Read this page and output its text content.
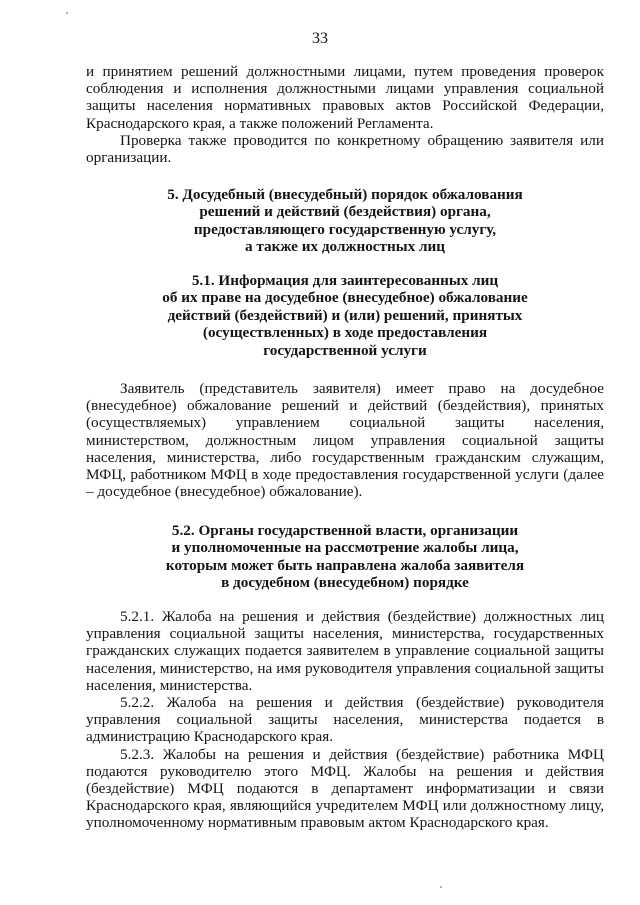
33

и принятием решений должностными лицами, путем проведения проверок соблюдения и исполнения должностными лицами управления социальной защиты населения нормативных правовых актов Российской Федерации, Краснодарского края, а также положений Регламента.

Проверка также проводится по конкретному обращению заявителя или организации.

5. Досудебный (внесудебный) порядок обжалования
решений и действий (бездействия) органа,
предоставляющего государственную услугу,
а также их должностных лиц
5.1. Информация для заинтересованных лиц
об их праве на досудебное (внесудебное) обжалование
действий (бездействий) и (или) решений, принятых
(осуществленных) в ходе предоставления
государственной услуги

Заявитель (представитель заявителя) имеет право на досудебное (внесудебное) обжалование решений и действий (бездействия), принятых (осуществляемых) управлением социальной защиты населения, министерством, должностным лицом управления социальной защиты населения, министерства, либо государственным гражданским служащим, МФЦ, работником МФЦ в ходе предоставления государственной услуги (далее – досудебное (внесудебное) обжалование).

5.2. Органы государственной власти, организации
и уполномоченные на рассмотрение жалобы лица,
которым может быть направлена жалоба заявителя
в досудебном (внесудебном) порядке

5.2.1. Жалоба на решения и действия (бездействие) должностных лиц управления социальной защиты населения, министерства, государственных гражданских служащих подается заявителем в управление социальной защиты населения, министерство, на имя руководителя управления социальной защиты населения, министерства.

5.2.2. Жалоба на решения и действия (бездействие) руководителя управления социальной защиты населения, министерства подается в администрацию Краснодарского края.

5.2.3. Жалобы на решения и действия (бездействие) работника МФЦ подаются руководителю этого МФЦ. Жалобы на решения и действия (бездействие) МФЦ подаются в департамент информатизации и связи Краснодарского края, являющийся учредителем МФЦ или должностному лицу, уполномоченному нормативным правовым актом Краснодарского края.
